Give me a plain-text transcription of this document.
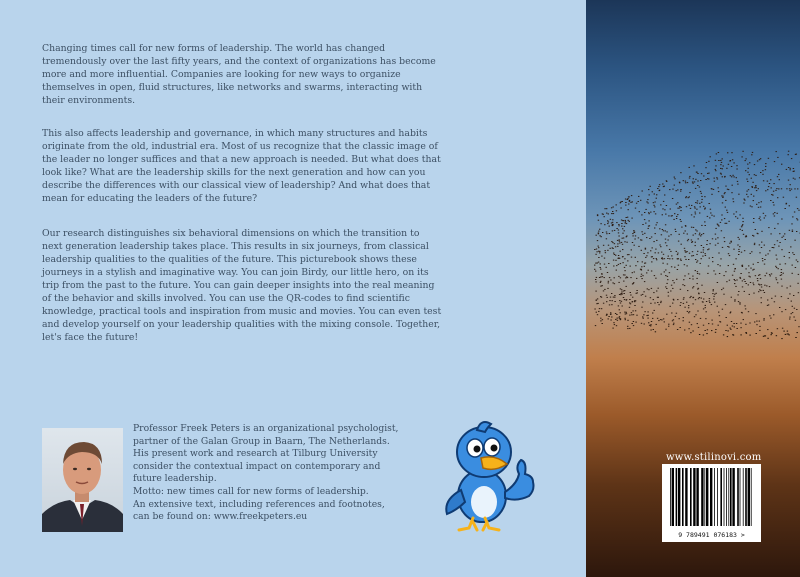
Changing times call for new forms of leadership. The world has changed tremendously over the last fifty years, and the context of organizations has become more and more influential. Companies are looking for new ways to organize themselves in open, fluid structures, like networks and swarms, interacting with their environments.

This also affects leadership and governance, in which many structures and habits originate from the old, industrial era. Most of us recognize that the classic image of the leader no longer suffices and that a new approach is needed. But what does that look like? What are the leadership skills for the next generation and how can you describe the differences with our classical view of leadership? And what does that mean for educating the leaders of the future?

Our research distinguishes six behavioral dimensions on which the transition to next generation leadership takes place. This results in six journeys, from classical leadership qualities to the qualities of the future. This picturebook shows these journeys in a stylish and imaginative way. You can join Birdy, our little hero, on its trip from the past to the future. You can gain deeper insights into the real meaning of the behavior and skills involved. You can use the QR-codes to find scientific knowledge, practical tools and inspiration from music and movies. You can even test and develop yourself on your leadership qualities with the mixing console. Together, let's face the future!

Professor Freek Peters is an organizational psychologist,
partner of the Galan Group in Baarn, The Netherlands.
His present work and research at Tilburg University
consider the contextual impact on contemporary and
future leadership.
Motto: new times call for new forms of leadership.
An extensive text, including references and footnotes,
can be found on: www.freekpeters.eu

www.stilinovi.com
9 789491 076183 >
